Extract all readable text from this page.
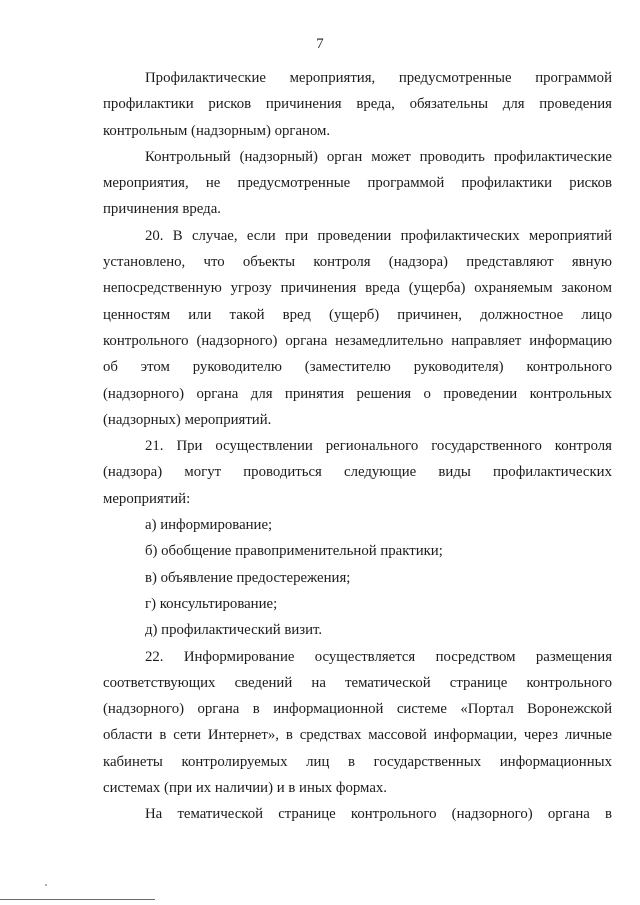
7
Профилактические мероприятия, предусмотренные программой
профилактики рисков причинения вреда, обязательны для проведения
контрольным (надзорным) органом.
Контрольный (надзорный) орган может проводить профилактические
мероприятия, не предусмотренные программой профилактики рисков
причинения вреда.
20. В случае, если при проведении профилактических мероприятий
установлено, что объекты контроля (надзора) представляют явную
непосредственную угрозу причинения вреда (ущерба) охраняемым законом
ценностям или такой вред (ущерб) причинен, должностное лицо
контрольного (надзорного) органа незамедлительно направляет информацию
об этом руководителю (заместителю руководителя) контрольного
(надзорного) органа для принятия решения о проведении контрольных
(надзорных) мероприятий.
21. При осуществлении регионального государственного контроля
(надзора) могут проводиться следующие виды профилактических
мероприятий:
а) информирование;
б) обобщение правоприменительной практики;
в) объявление предостережения;
г) консультирование;
д) профилактический визит.
22. Информирование осуществляется посредством размещения
соответствующих сведений на тематической странице контрольного
(надзорного) органа в информационной системе «Портал Воронежской
области в сети Интернет», в средствах массовой информации, через личные
кабинеты контролируемых лиц в государственных информационных
системах (при их наличии) и в иных формах.
На тематической странице контрольного (надзорного) органа в
